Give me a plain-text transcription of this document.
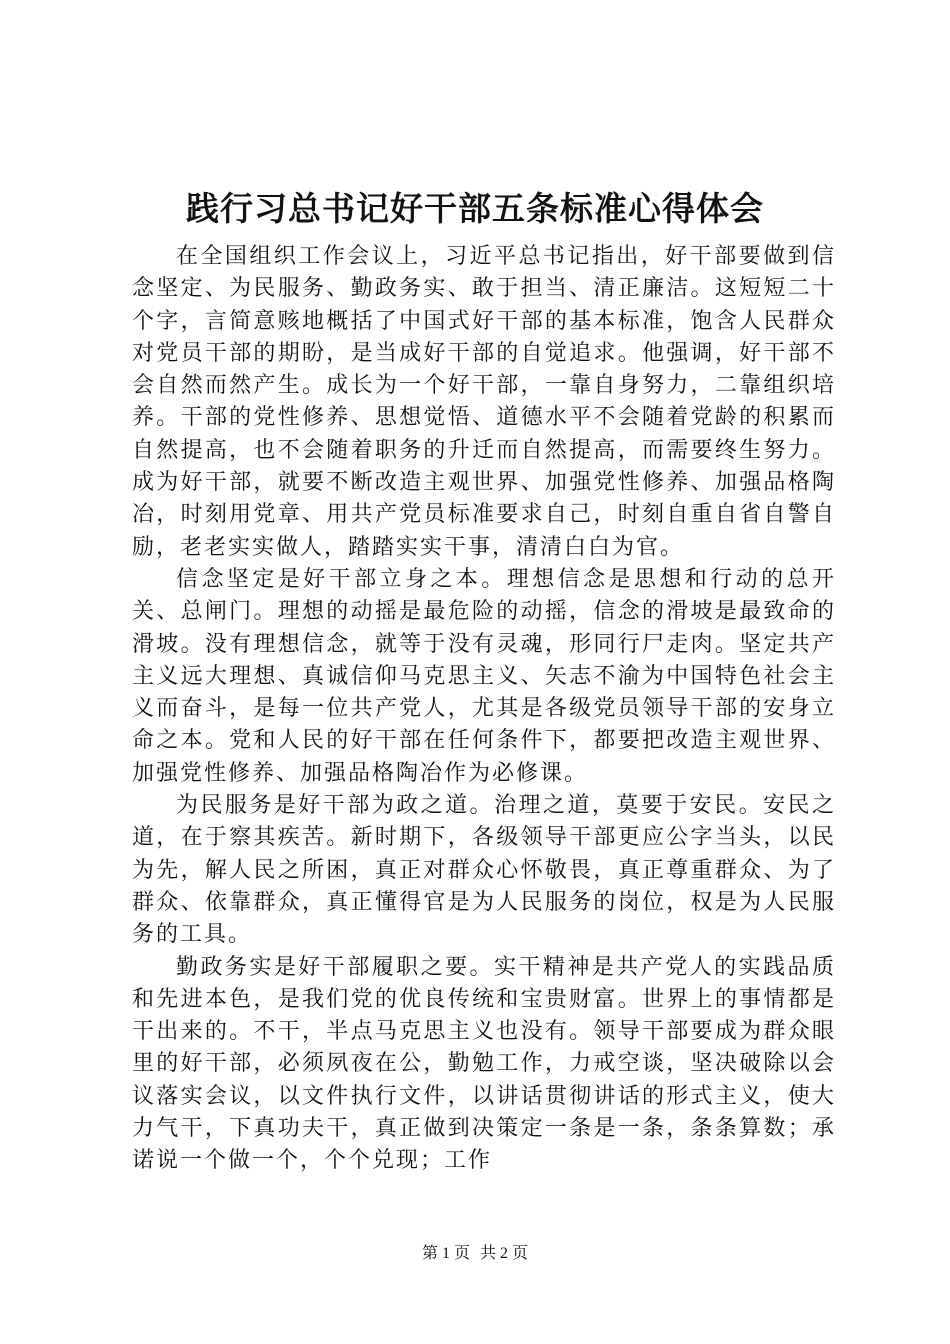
践行习总书记好干部五条标准心得体会

在全国组织工作会议上，习近平总书记指出，好干部要做到信念坚定、为民服务、勤政务实、敢于担当、清正廉洁。这短短二十个字，言简意赅地概括了中国式好干部的基本标准，饱含人民群众对党员干部的期盼，是当成好干部的自觉追求。他强调，好干部不会自然而然产生。成长为一个好干部，一靠自身努力，二靠组织培养。干部的党性修养、思想觉悟、道德水平不会随着党龄的积累而自然提高，也不会随着职务的升迁而自然提高，而需要终生努力。成为好干部，就要不断改造主观世界、加强党性修养、加强品格陶冶，时刻用党章、用共产党员标准要求自己，时刻自重自省自警自励，老老实实做人，踏踏实实干事，清清白白为官。

信念坚定是好干部立身之本。理想信念是思想和行动的总开关、总闸门。理想的动摇是最危险的动摇，信念的滑坡是最致命的滑坡。没有理想信念，就等于没有灵魂，形同行尸走肉。坚定共产主义远大理想、真诚信仰马克思主义、矢志不渝为中国特色社会主义而奋斗，是每一位共产党人，尤其是各级党员领导干部的安身立命之本。党和人民的好干部在任何条件下，都要把改造主观世界、加强党性修养、加强品格陶冶作为必修课。

为民服务是好干部为政之道。治理之道，莫要于安民。安民之道，在于察其疾苦。新时期下，各级领导干部更应公字当头，以民为先，解人民之所困，真正对群众心怀敬畏，真正尊重群众、为了群众、依靠群众，真正懂得官是为人民服务的岗位，权是为人民服务的工具。

勤政务实是好干部履职之要。实干精神是共产党人的实践品质和先进本色，是我们党的优良传统和宝贵财富。世界上的事情都是干出来的。不干，半点马克思主义也没有。领导干部要成为群众眼里的好干部，必须夙夜在公，勤勉工作，力戒空谈，坚决破除以会议落实会议，以文件执行文件，以讲话贯彻讲话的形式主义，使大力气干，下真功夫干，真正做到决策定一条是一条，条条算数；承诺说一个做一个，个个兑现；工作

第 1 页 共 2 页
